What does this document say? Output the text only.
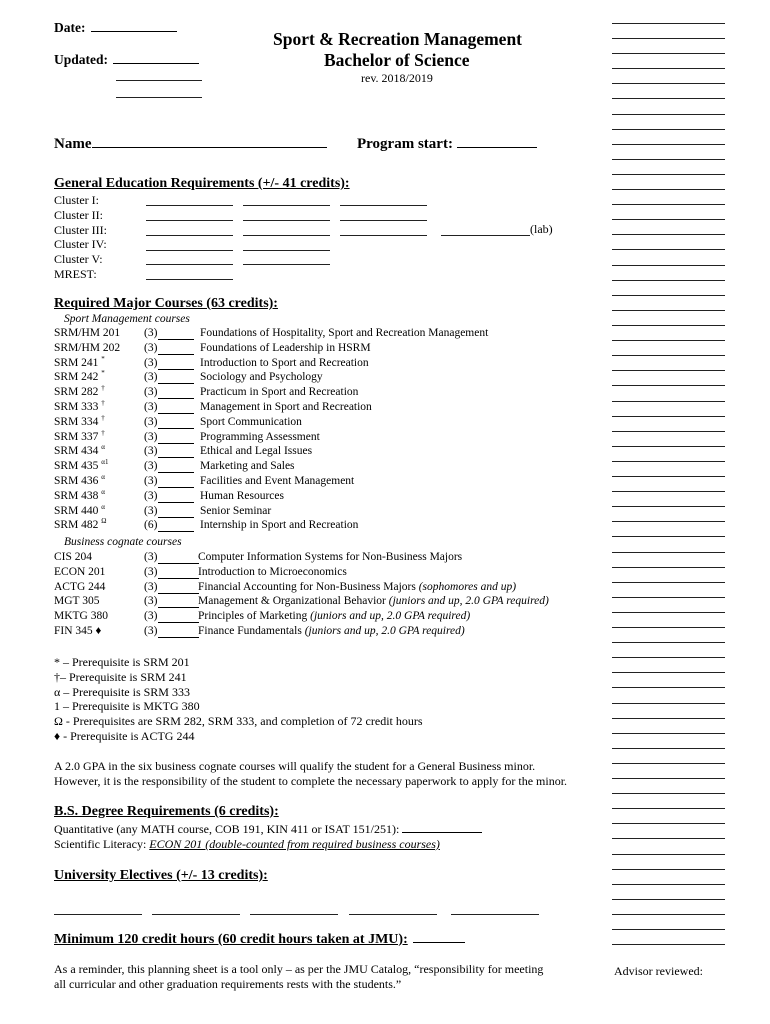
Date:
Updated:
Sport & Recreation Management
Bachelor of Science
rev. 2018/2019
Name	Program start:
General Education Requirements (+/- 41 credits):
Cluster I:
Cluster II:
Cluster III:
Cluster IV:
Cluster V:
MREST:
(lab)
Required Major Courses (63 credits):
Sport Management courses
SRM/HM 201	(3)	Foundations of Hospitality, Sport and Recreation Management
SRM/HM 202	(3)	Foundations of Leadership in HSRM
SRM 241 *	(3)	Introduction to Sport and Recreation
SRM 242 *	(3)	Sociology and Psychology
SRM 282 †	(3)	Practicum in Sport and Recreation
SRM 333 †	(3)	Management in Sport and Recreation
SRM 334 †	(3)	Sport Communication
SRM 337 †	(3)	Programming Assessment
SRM 434 $^\alpha$	(3)	Ethical and Legal Issues
SRM 435 $^{\alpha 1}$	(3)	Marketing and Sales
SRM 436 $^\alpha$	(3)	Facilities and Event Management
SRM 438 $^\alpha$	(3)	Human Resources
SRM 440 $^\alpha$	(3)	Senior Seminar
SRM 482 $^\Omega$	(6)	Internship in Sport and Recreation
Business cognate courses
CIS 204	(3)	Computer Information Systems for Non-Business Majors
ECON 201	(3)	Introduction to Microeconomics
ACTG 244	(3)	Financial Accounting for Non-Business Majors (sophomores and up)
MGT 305	(3)	Management & Organizational Behavior (juniors and up, 2.0 GPA required)
MKTG 380	(3)	Principles of Marketing (juniors and up, 2.0 GPA required)
FIN 345 ♦	(3)	Finance Fundamentals (juniors and up, 2.0 GPA required)
* – Prerequisite is SRM 201
†– Prerequisite is SRM 241
α – Prerequisite is SRM 333
1 – Prerequisite is MKTG 380
Ω - Prerequisites are SRM 282, SRM 333, and completion of 72 credit hours
♦ - Prerequisite is ACTG 244
A 2.0 GPA in the six business cognate courses will qualify the student for a General Business minor.
However, it is the responsibility of the student to complete the necessary paperwork to apply for the minor.
B.S. Degree Requirements (6 credits):
Quantitative (any MATH course, COB 191, KIN 411 or ISAT 151/251):
Scientific Literacy: ECON 201 (double-counted from required business courses)
University Electives (+/- 13 credits):
Minimum 120 credit hours (60 credit hours taken at JMU):
As a reminder, this planning sheet is a tool only – as per the JMU Catalog, “responsibility for meeting
all curricular and other graduation requirements rests with the students.”
Advisor reviewed:
